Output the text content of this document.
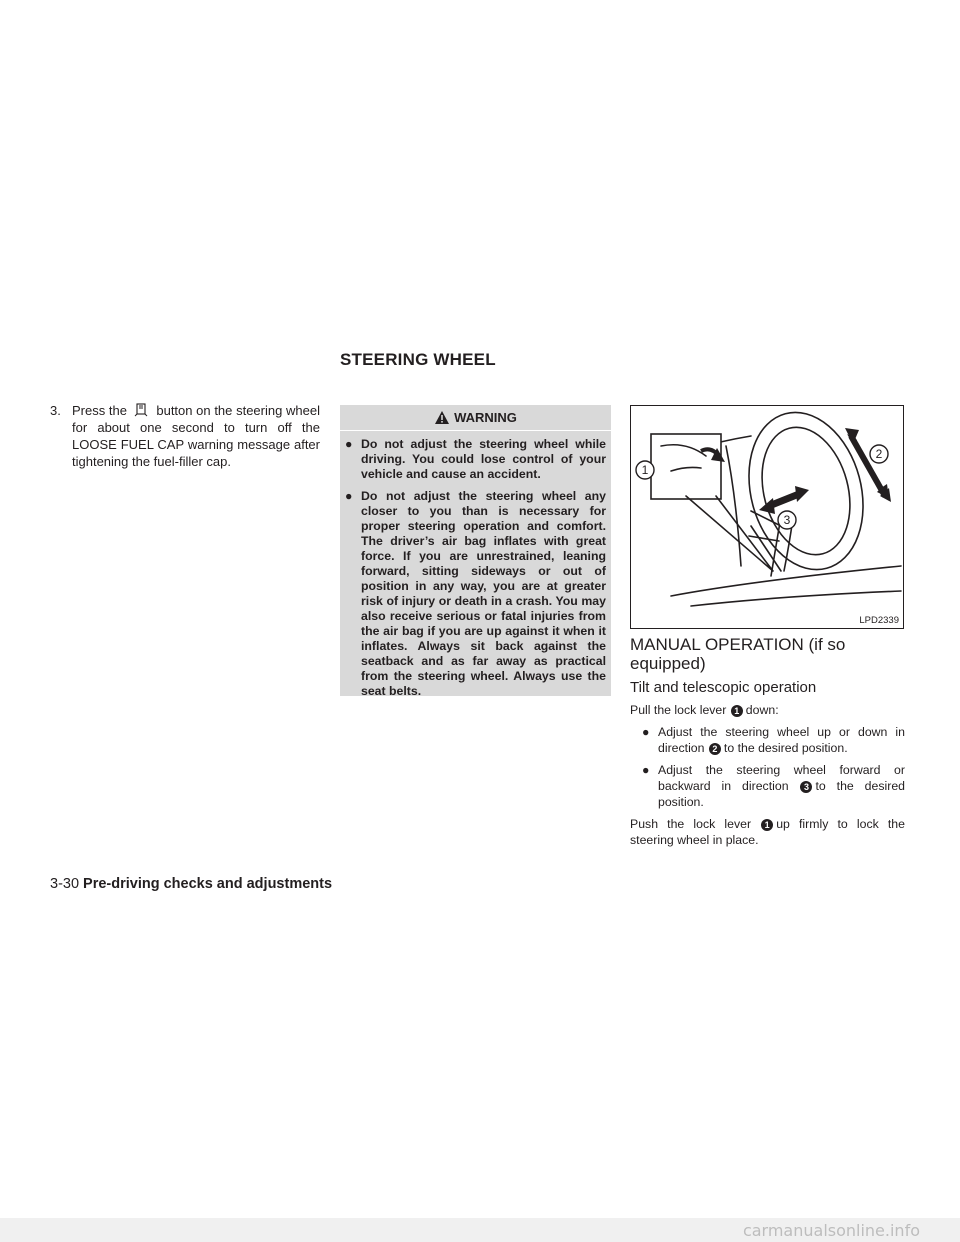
STEERING WHEEL
3. Press the button on the steering wheel for about one second to turn off the LOOSE FUEL CAP warning message after tightening the fuel-filler cap.
WARNING
● Do not adjust the steering wheel while driving. You could lose control of your vehicle and cause an accident.
● Do not adjust the steering wheel any closer to you than is necessary for proper steering operation and comfort. The driver’s air bag inflates with great force. If you are unrestrained, leaning forward, sitting sideways or out of position in any way, you are at greater risk of injury or death in a crash. You may also receive serious or fatal injuries from the air bag if you are up against it when it inflates. Always sit back against the seatback and as far away as practical from the steering wheel. Always use the seat belts.
1
2
3
LPD2339
MANUAL OPERATION (if so equipped)
Tilt and telescopic operation

Pull the lock lever 1 down:

● Adjust the steering wheel up or down in direction 2 to the desired position.
● Adjust the steering wheel forward or backward in direction 3 to the desired position.

Push the lock lever 1 up firmly to lock the steering wheel in place.

3-30 Pre-driving checks and adjustments
carmanualsonline.info
